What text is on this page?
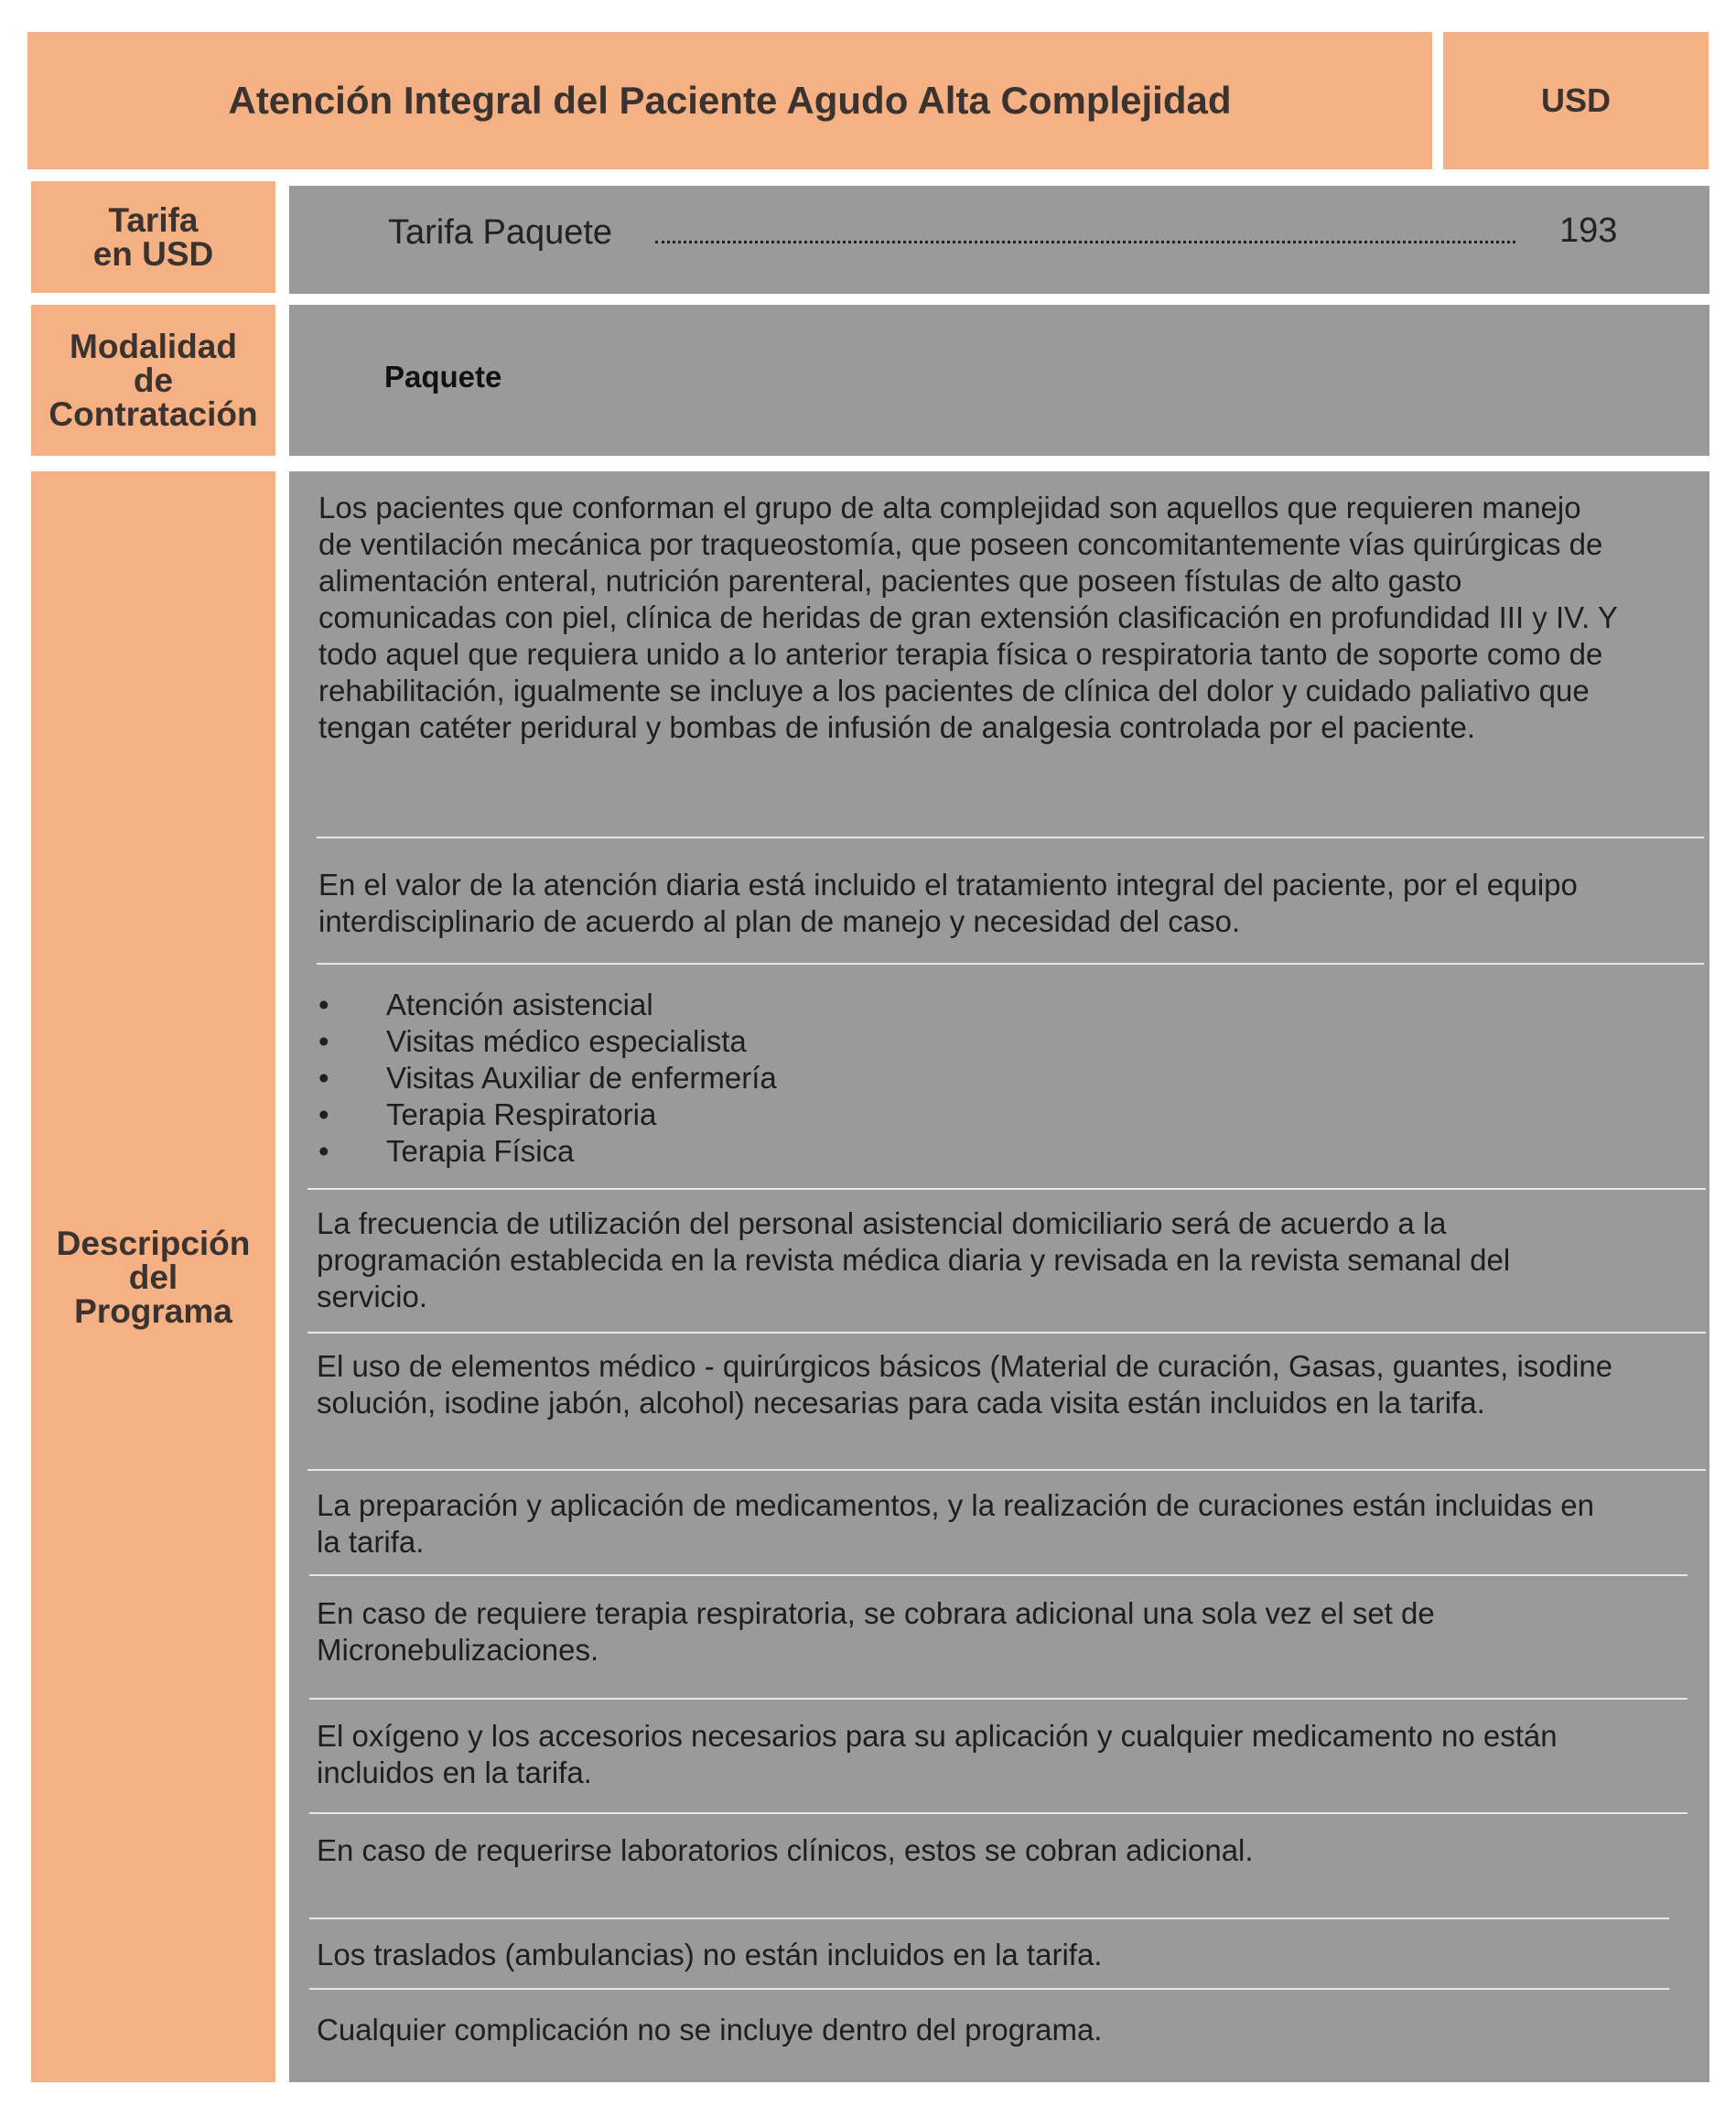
Atención Integral del Paciente Agudo Alta Complejidad	USD
Tarifa
en USD
Tarifa Paquete	193
Modalidad
de
Contratación
Paquete
Descripción
del
Programa

Los pacientes que conforman el grupo de alta complejidad son aquellos que requieren manejo de ventilación mecánica por traqueostomía, que poseen concomitantemente vías quirúrgicas de alimentación enteral, nutrición parenteral, pacientes que poseen fístulas de alto gasto comunicadas con piel, clínica de heridas de gran extensión clasificación en profundidad III y IV. Y todo aquel que requiera unido a lo anterior terapia física o respiratoria tanto de soporte como de rehabilitación, igualmente se incluye a los pacientes de clínica del dolor y cuidado paliativo que tengan catéter peridural y bombas de infusión de analgesia controlada por el paciente.

En el valor de la atención diaria está incluido el tratamiento integral del paciente, por el equipo interdisciplinario de acuerdo al plan de manejo y necesidad del caso.

• Atención asistencial
• Visitas médico especialista
• Visitas Auxiliar de enfermería
• Terapia Respiratoria
• Terapia Física

La frecuencia de utilización del personal asistencial domiciliario será de acuerdo a la programación establecida en la revista médica diaria y revisada en la revista semanal del servicio.

El uso de elementos médico - quirúrgicos básicos (Material de curación, Gasas, guantes, isodine solución, isodine jabón, alcohol) necesarias para cada visita están incluidos en la tarifa.

La preparación y aplicación de medicamentos, y la realización de curaciones están incluidas en la tarifa.

En caso de requiere terapia respiratoria, se cobrara adicional una sola vez el set de Micronebulizaciones.

El oxígeno y los accesorios necesarios para su aplicación y cualquier medicamento no están incluidos en la tarifa.

En caso de requerirse laboratorios clínicos, estos se cobran adicional.

Los traslados (ambulancias) no están incluidos en la tarifa.

Cualquier complicación no se incluye dentro del programa.
